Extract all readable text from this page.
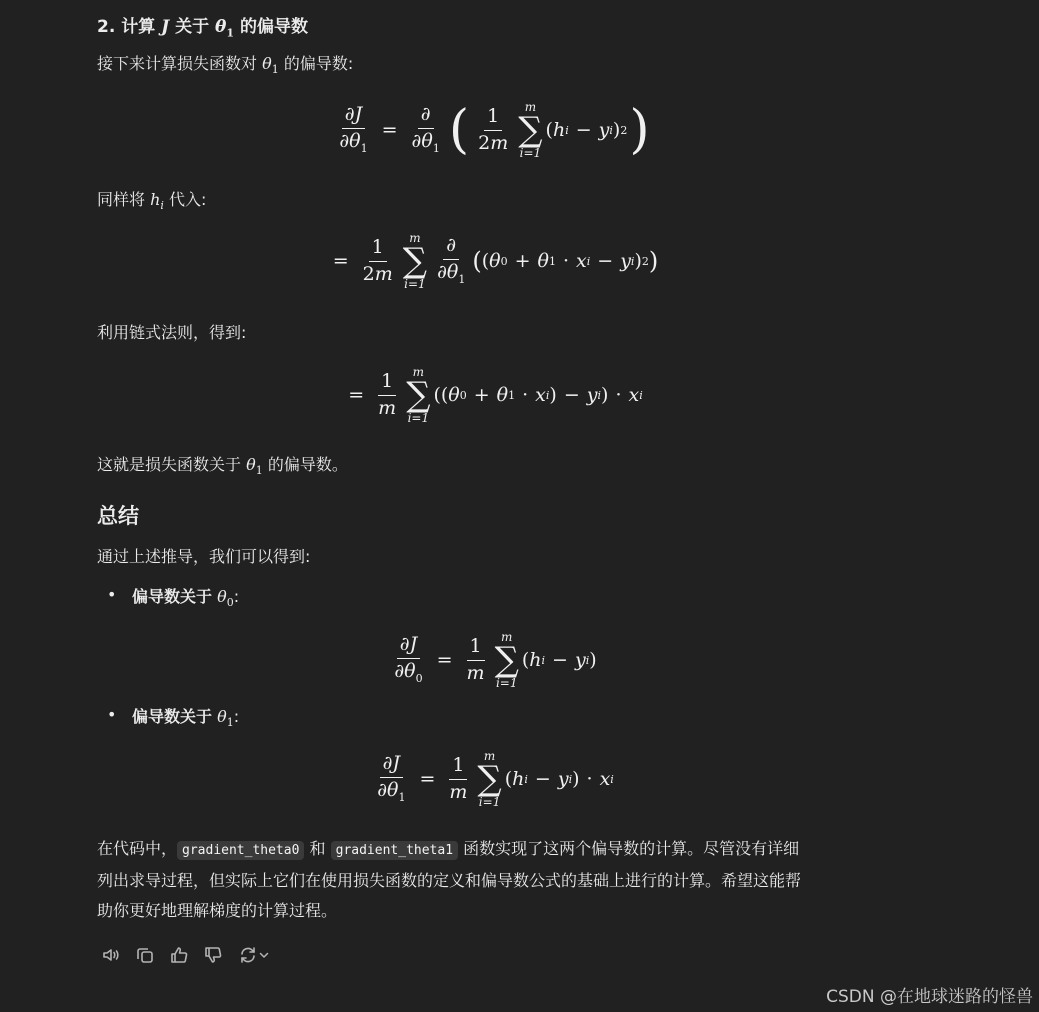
2. 计算 J 关于 $\theta_1$ 的偏导数
接下来计算损失函数对 $\theta_1$ 的偏导数:
$\frac{\partial J}{\partial\theta_1} = \frac{\partial}{\partial\theta_1}$ ( $\frac{1}{2m}$ m
∑
i=1
( h i − y i ) 2 )
同样将 $h_i$ 代入:
= $\frac{1}{2m}$ m
∑
$i=1 \frac{\partial}{\partial\theta_1}$ ( ( θ 0 + θ 1 · x i − y i ) 2 )
利用链式法则，得到:
= $\frac{1}{m}$ m
∑
i=1
(( θ 0 + θ 1 · x i ) − y i ) · x i
这就是损失函数关于 $\theta_1$ 的偏导数。
总结
通过上述推导，我们可以得到:
• 偏导数关于 $\theta_0$:
$\frac{\partial J}{\partial\theta_0} = \frac{1}{m}$ m
∑
i=1
( h i − y i )
• 偏导数关于 $\theta_1$:
$\frac{\partial J}{\partial\theta_1} = \frac{1}{m}$ m
∑
i=1
( h i − y i ) · x i
在代码中， gradient_theta0 和 gradient_theta1 函数实现了这两个偏导数的计算。尽管没有详细
列出求导过程，但实际上它们在使用损失函数的定义和偏导数公式的基础上进行的计算。希望这能帮
助你更好地理解梯度的计算过程。
CSDN @在地球迷路的怪兽
